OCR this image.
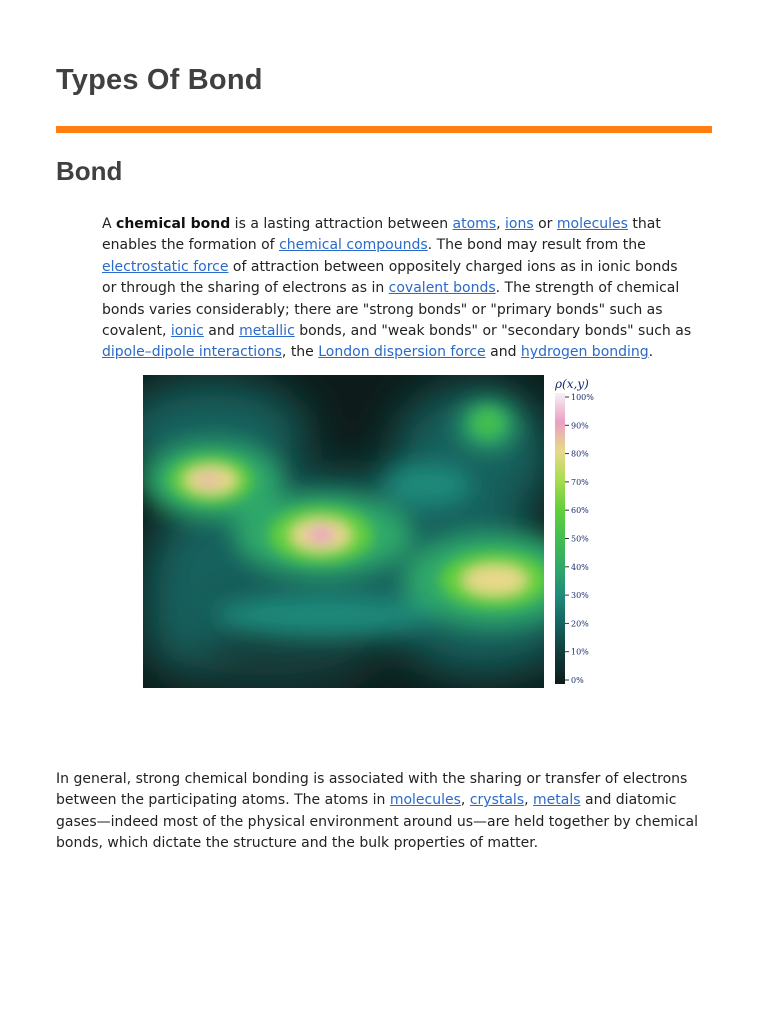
Types Of Bond
Bond

A chemical bond is a lasting attraction between atoms, ions or molecules that enables the formation of chemical compounds. The bond may result from the electrostatic force of attraction between oppositely charged ions as in ionic bonds or through the sharing of electrons as in covalent bonds. The strength of chemical bonds varies considerably; there are "strong bonds" or "primary bonds" such as covalent, ionic and metallic bonds, and "weak bonds" or "secondary bonds" such as dipole–dipole interactions, the London dispersion force and hydrogen bonding.

ρ(x,y)
100%
90%
80%
70%
60%
50%
40%
30%
20%
10%
0%

In general, strong chemical bonding is associated with the sharing or transfer of electrons between the participating atoms. The atoms in molecules, crystals, metals and diatomic gases—indeed most of the physical environment around us—are held together by chemical bonds, which dictate the structure and the bulk properties of matter.
